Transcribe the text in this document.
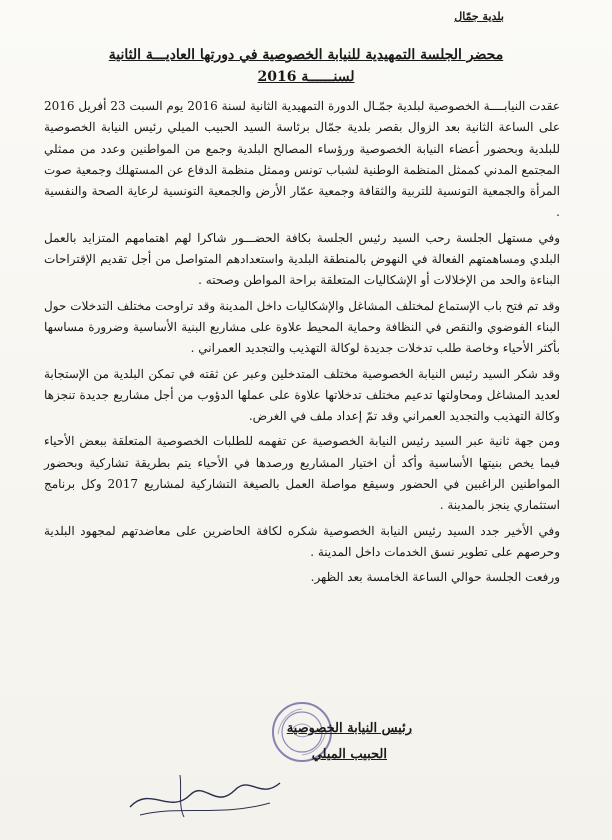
بلدية جمّال
محضر الجلسة التمهيدية للنيابة الخصوصية في دورتها العاديـــة الثانية
لسنــــــة 2016

عقدت النيابــــة الخصوصية لبلدية جمّـال الدورة التمهيدية الثانية لسنة 2016 يوم السبت 23 أفريل 2016 على الساعة الثانية بعد الزوال بقصر بلدية جمّال برئاسة السيد الحبيب الميلي رئيس النيابة الخصوصية للبلدية وبحضور أعضاء النيابة الخصوصية ورؤساء المصالح البلدية وجمع من المواطنين وعدد من ممثلي المجتمع المدني كممثل المنظمة الوطنية لشباب تونس وممثل منظمة الدفاع عن المستهلك وجمعية صوت المرأة والجمعية التونسية للتربية والثقافة وجمعية عمّار الأرض والجمعية التونسية لرعاية الصحة والنفسية .

وفي مستهل الجلسة رحب السيد رئيس الجلسة بكافة الحضـــور شاكرا لهم اهتمامهم المتزايد بالعمل البلدي ومساهمتهم الفعالة في النهوض بالمنطقة البلدية واستعدادهم المتواصل من أجل تقديم الإقتراحات البناءة والحد من الإخلالات أو الإشكاليات المتعلقة براحة المواطن وصحته .

وقد تم فتح باب الإستماع لمختلف المشاغل والإشكاليات داخل المدينة وقد تراوحت مختلف التدخلات حول البناء الفوضوي والنقص في النظافة وحماية المحيط علاوة على مشاريع البنية الأساسية وضرورة مساسها بأكثر الأحياء وخاصة طلب تدخلات جديدة لوكالة التهذيب والتجديد العمراني .

وقد شكر السيد رئيس النيابة الخصوصية مختلف المتدخلين وعبر عن ثقته في تمكن البلدية من الإستجابة لعديد المشاغل ومحاولتها تدعيم مختلف تدخلاتها علاوة على عملها الدؤوب من أجل مشاريع جديدة تنجزها وكالة التهذيب والتجديد العمراني وقد تمّ إعداد ملف في الغرض.

ومن جهة ثانية عبر السيد رئيس النيابة الخصوصية عن تفهمه للطلبات الخصوصية المتعلقة ببعض الأحياء فيما يخص بنيتها الأساسية وأكد أن اختيار المشاريع ورصدها في الأحياء يتم بطريقة تشاركية وبحضور المواطنين الراغبين في الحضور وسيقع مواصلة العمل بالصيغة التشاركية لمشاريع 2017 وكل برنامج استثماري ينجز بالمدينة .

وفي الأخير جدد السيد رئيس النيابة الخصوصية شكره لكافة الحاضرين على معاضدتهم لمجهود البلدية وحرصهم على تطوير نسق الخدمات داخل المدينة .

ورفعت الجلسة حوالي الساعة الخامسة بعد الظهر.

رئيس النيابة الخصوصية
الحبيب الميلي
